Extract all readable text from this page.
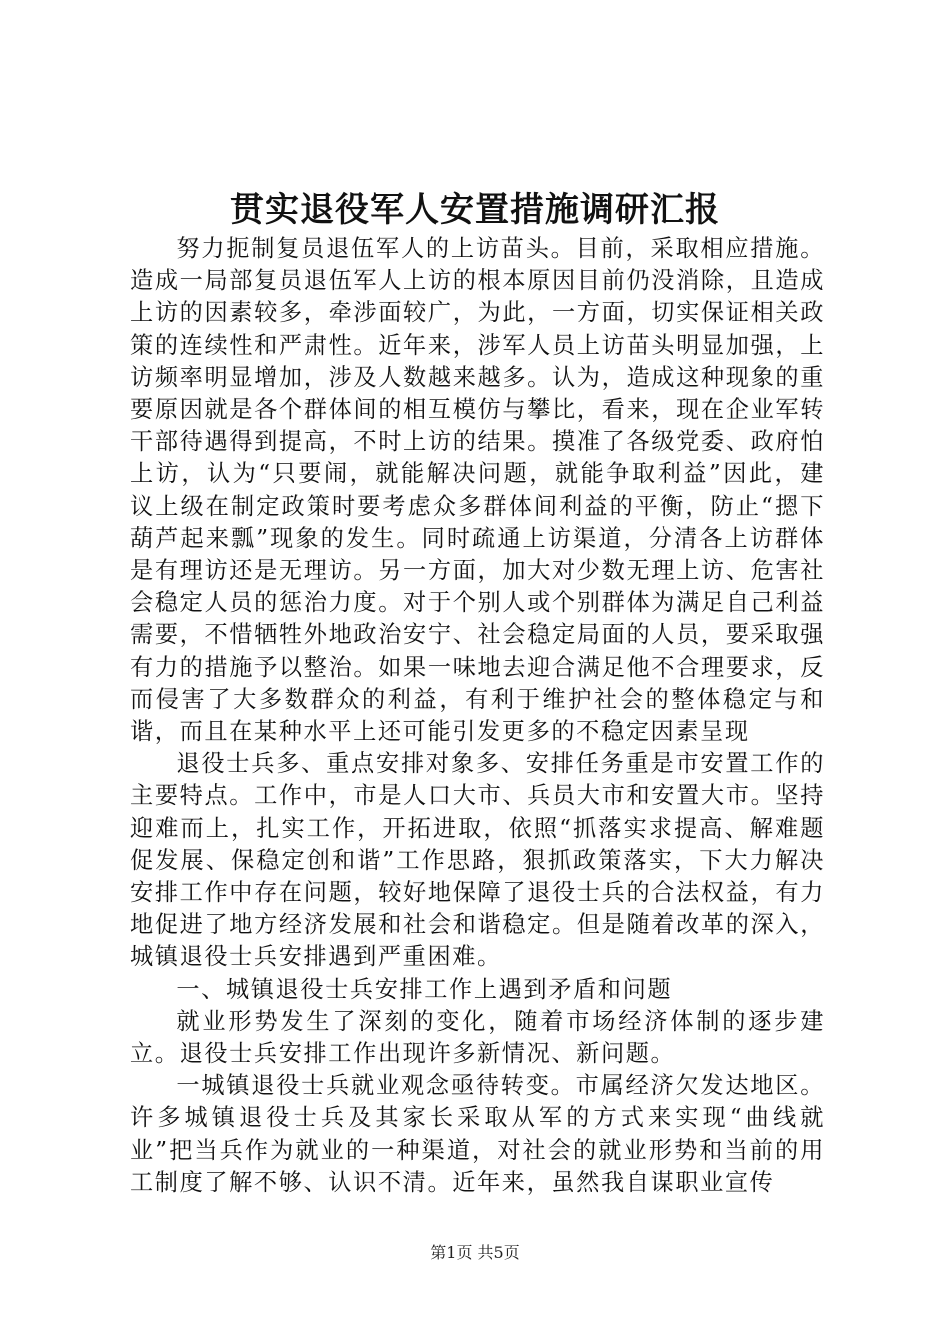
贯实退役军人安置措施调研汇报

努力扼制复员退伍军人的上访苗头。目前，采取相应措施。造成一局部复员退伍军人上访的根本原因目前仍没消除，且造成上访的因素较多，牵涉面较广，为此，一方面，切实保证相关政策的连续性和严肃性。近年来，涉军人员上访苗头明显加强，上访频率明显增加，涉及人数越来越多。认为，造成这种现象的重要原因就是各个群体间的相互模仿与攀比，看来，现在企业军转干部待遇得到提高，不时上访的结果。摸准了各级党委、政府怕上访，认为“只要闹，就能解决问题，就能争取利益”因此，建议上级在制定政策时要考虑众多群体间利益的平衡，防止“摁下葫芦起来瓢”现象的发生。同时疏通上访渠道，分清各上访群体是有理访还是无理访。另一方面，加大对少数无理上访、危害社会稳定人员的惩治力度。对于个别人或个别群体为满足自己利益需要，不惜牺牲外地政治安宁、社会稳定局面的人员，要采取强有力的措施予以整治。如果一味地去迎合满足他不合理要求，反而侵害了大多数群众的利益，有利于维护社会的整体稳定与和谐，而且在某种水平上还可能引发更多的不稳定因素呈现

退役士兵多、重点安排对象多、安排任务重是市安置工作的主要特点。工作中，市是人口大市、兵员大市和安置大市。坚持迎难而上，扎实工作，开拓进取，依照“抓落实求提高、解难题促发展、保稳定创和谐”工作思路，狠抓政策落实，下大力解决安排工作中存在问题，较好地保障了退役士兵的合法权益，有力地促进了地方经济发展和社会和谐稳定。但是随着改革的深入，城镇退役士兵安排遇到严重困难。

一、城镇退役士兵安排工作上遇到矛盾和问题

就业形势发生了深刻的变化，随着市场经济体制的逐步建立。退役士兵安排工作出现许多新情况、新问题。

一城镇退役士兵就业观念亟待转变。市属经济欠发达地区。许多城镇退役士兵及其家长采取从军的方式来实现“曲线就业”把当兵作为就业的一种渠道，对社会的就业形势和当前的用工制度了解不够、认识不清。近年来，虽然我自谋职业宣传

第1页 共5页
